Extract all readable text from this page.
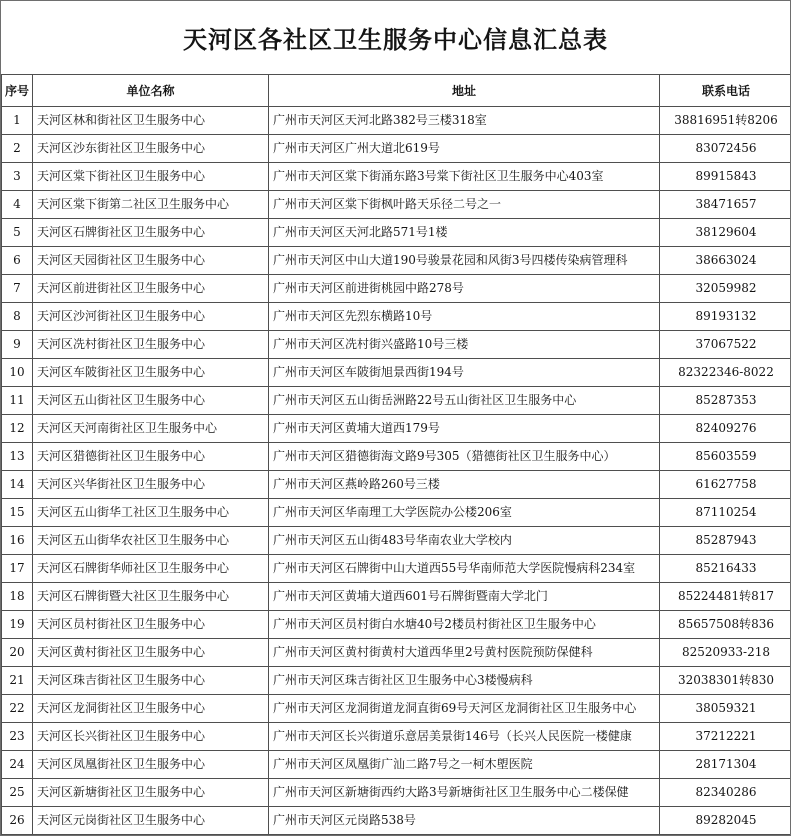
天河区各社区卫生服务中心信息汇总表
序号	单位名称	地址	联系电话
1	天河区林和街社区卫生服务中心	广州市天河区天河北路382号三楼318室	38816951转8206
2	天河区沙东街社区卫生服务中心	广州市天河区广州大道北619号	83072456
3	天河区棠下街社区卫生服务中心	广州市天河区棠下街涌东路3号棠下街社区卫生服务中心403室	89915843
4	天河区棠下街第二社区卫生服务中心	广州市天河区棠下街枫叶路天乐径二号之一	38471657
5	天河区石牌街社区卫生服务中心	广州市天河区天河北路571号1楼	38129604
6	天河区天园街社区卫生服务中心	广州市天河区中山大道190号骏景花园和风街3号四楼传染病管理科	38663024
7	天河区前进街社区卫生服务中心	广州市天河区前进街桃园中路278号	32059982
8	天河区沙河街社区卫生服务中心	广州市天河区先烈东横路10号	89193132
9	天河区冼村街社区卫生服务中心	广州市天河区冼村街兴盛路10号三楼	37067522
10	天河区车陂街社区卫生服务中心	广州市天河区车陂街旭景西街194号	82322346-8022
11	天河区五山街社区卫生服务中心	广州市天河区五山街岳洲路22号五山街社区卫生服务中心	85287353
12	天河区天河南街社区卫生服务中心	广州市天河区黄埔大道西179号	82409276
13	天河区猎德街社区卫生服务中心	广州市天河区猎德街海文路9号305（猎德街社区卫生服务中心）	85603559
14	天河区兴华街社区卫生服务中心	广州市天河区燕岭路260号三楼	61627758
15	天河区五山街华工社区卫生服务中心	广州市天河区华南理工大学医院办公楼206室	87110254
16	天河区五山街华农社区卫生服务中心	广州市天河区五山街483号华南农业大学校内	85287943
17	天河区石牌街华师社区卫生服务中心	广州市天河区石牌街中山大道西55号华南师范大学医院慢病科234室	85216433
18	天河区石牌街暨大社区卫生服务中心	广州市天河区黄埔大道西601号石牌街暨南大学北门	85224481转817
19	天河区员村街社区卫生服务中心	广州市天河区员村街白水塘40号2楼员村街社区卫生服务中心	85657508转836
20	天河区黄村街社区卫生服务中心	广州市天河区黄村街黄村大道西华里2号黄村医院预防保健科	82520933-218
21	天河区珠吉街社区卫生服务中心	广州市天河区珠吉街社区卫生服务中心3楼慢病科	32038301转830
22	天河区龙洞街社区卫生服务中心	广州市天河区龙洞街道龙洞直街69号天河区龙洞街社区卫生服务中心	38059321
23	天河区长兴街社区卫生服务中心	广州市天河区长兴街道乐意居美景街146号（长兴人民医院一楼健康	37212221
24	天河区凤凰街社区卫生服务中心	广州市天河区凤凰街广汕二路7号之一柯木塱医院	28171304
25	天河区新塘街社区卫生服务中心	广州市天河区新塘街西约大路3号新塘街社区卫生服务中心二楼保健	82340286
26	天河区元岗街社区卫生服务中心	广州市天河区元岗路538号	89282045
